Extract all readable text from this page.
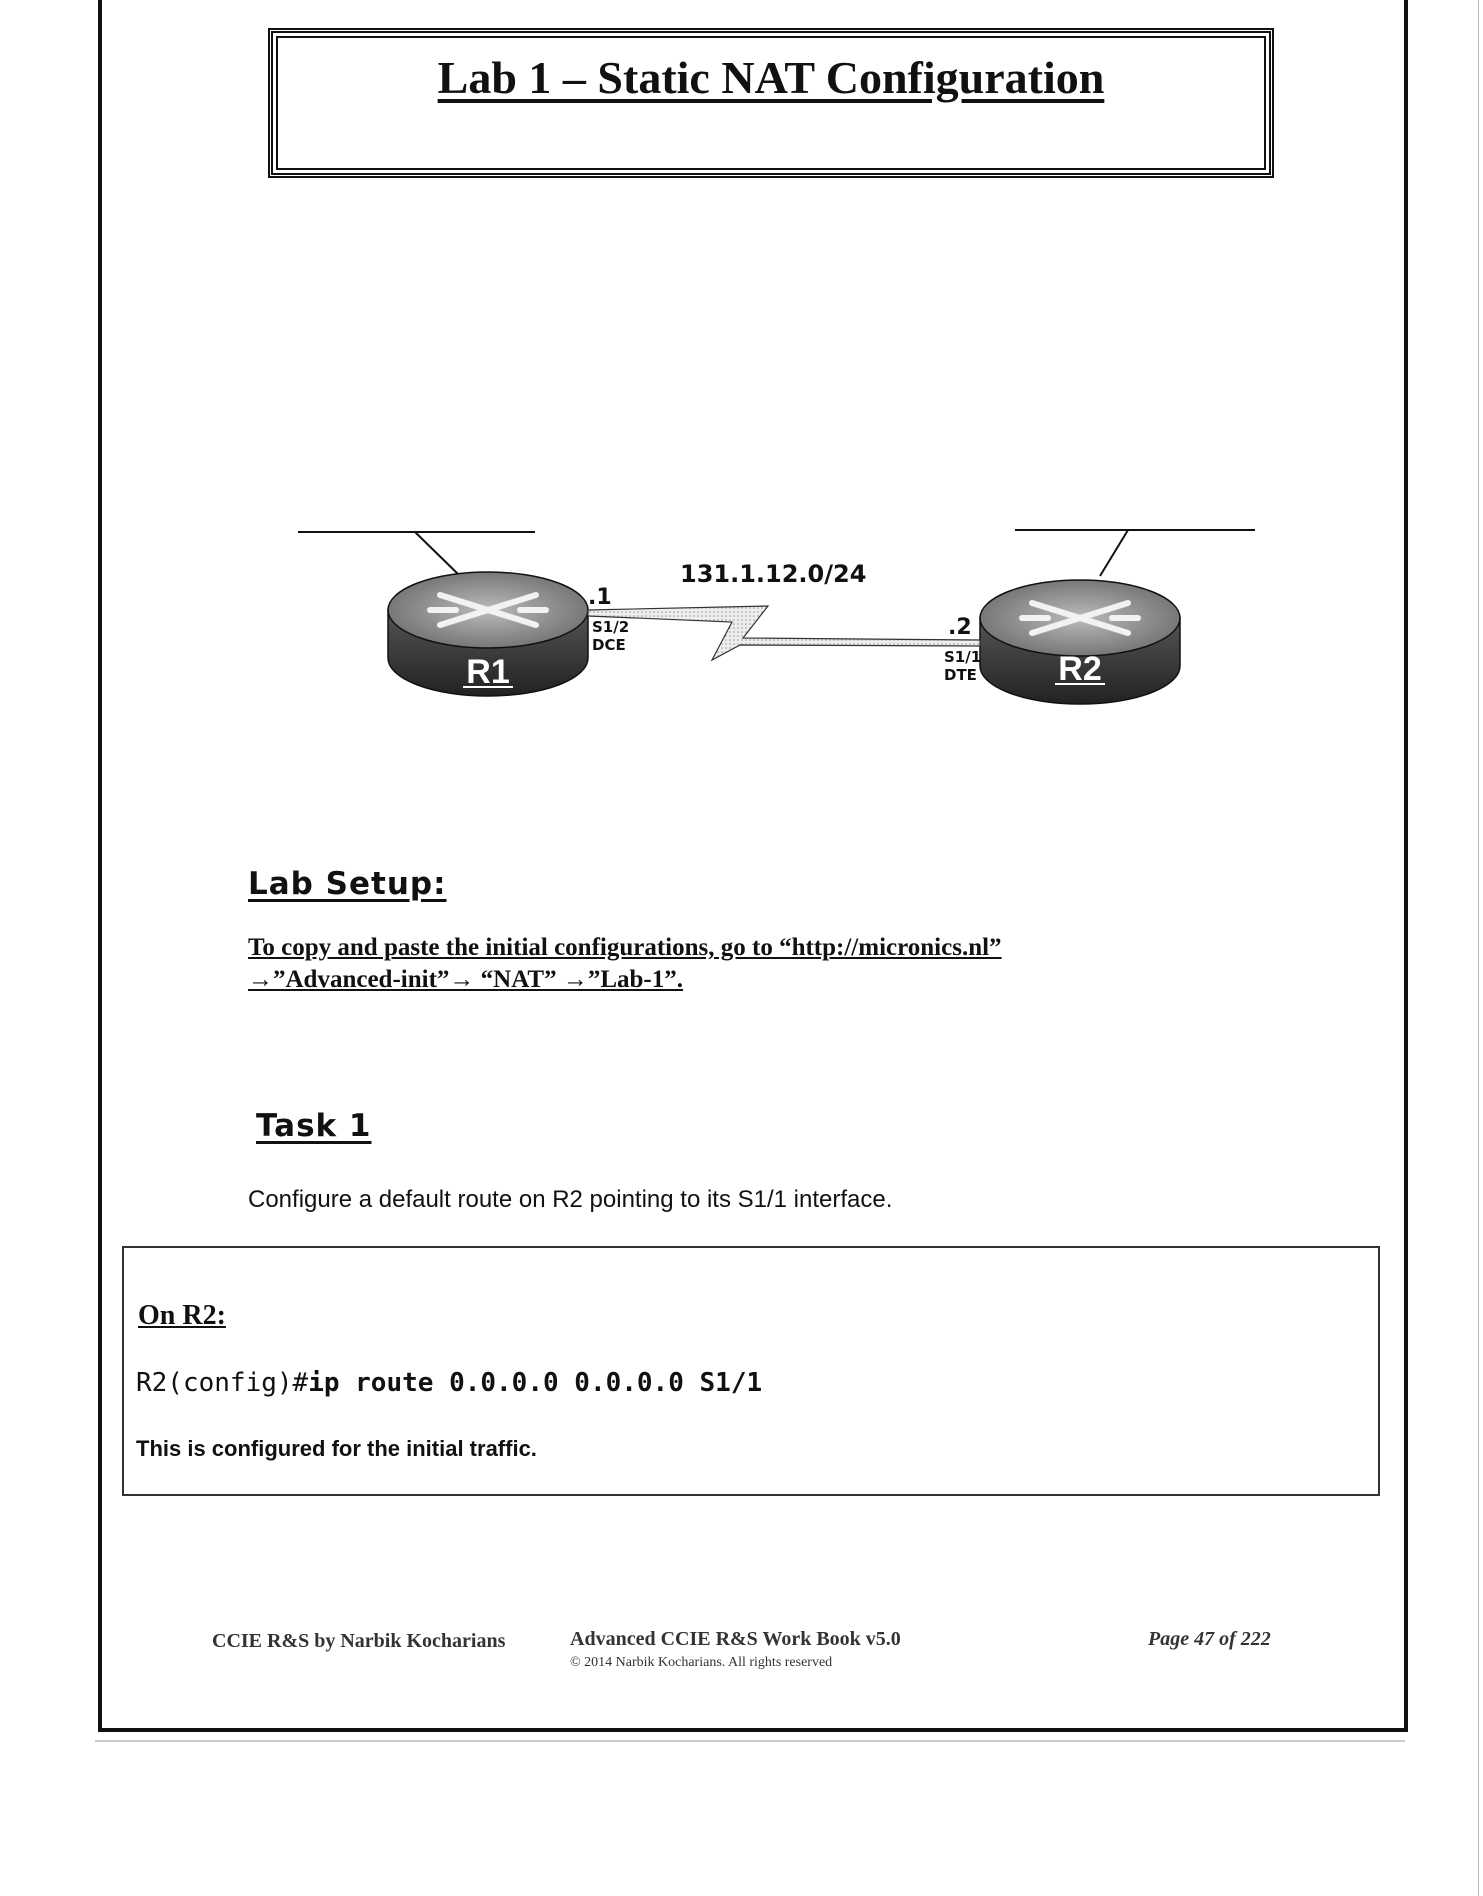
Lab 1 – Static NAT Configuration
R1	R2
131.1.12.0/24
.1
S1/2
DCE
.2
S1/1
DTE
Lab Setup:
To copy and paste the initial configurations, go to “http://micronics.nl”
→”Advanced-init”→ “NAT” →”Lab-1”.
Task 1
Configure a default route on R2 pointing to its S1/1 interface.
On R2:
R2(config)#ip route 0.0.0.0 0.0.0.0 S1/1
This is configured for the initial traffic.
CCIE R&S by Narbik Kocharians	Advanced CCIE R&S Work Book v5.0
© 2014 Narbik Kocharians. All rights reserved
Page 47 of 222
